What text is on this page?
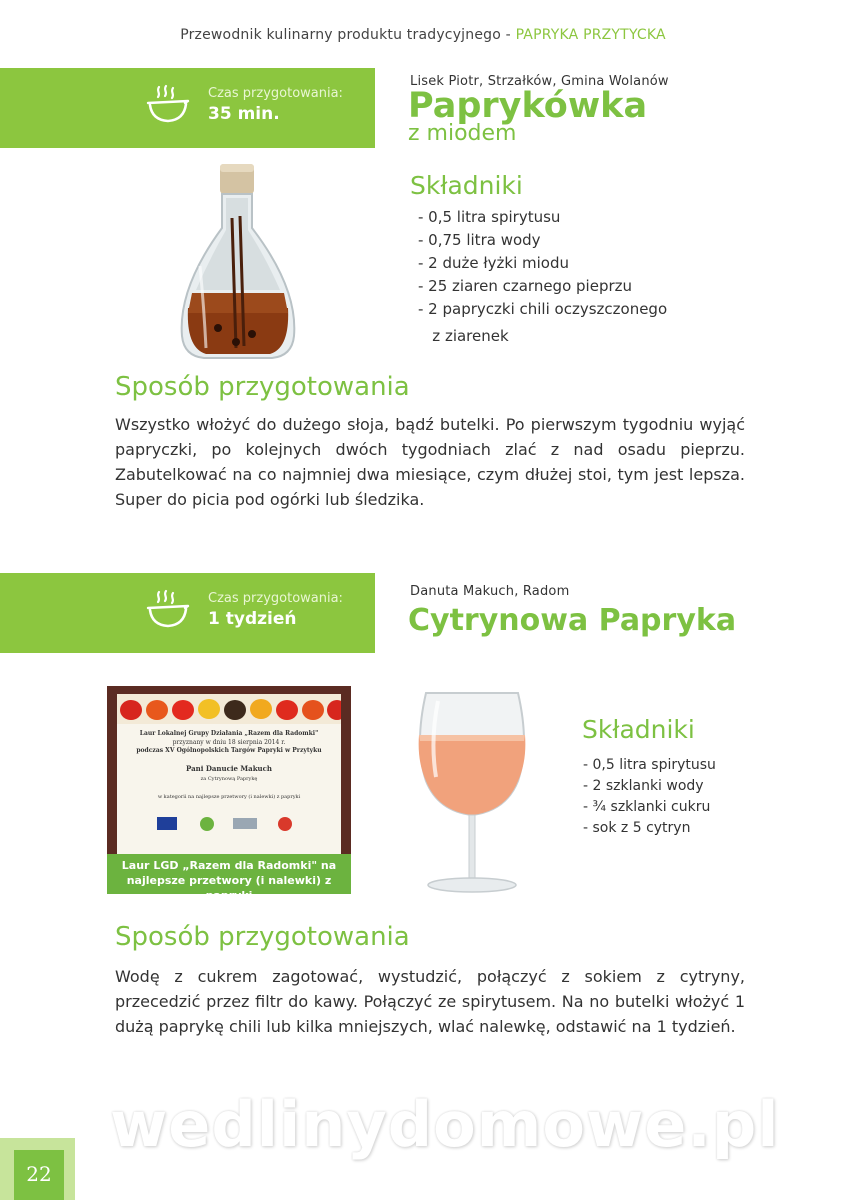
Przewodnik kulinarny produktu tradycyjnego - PAPRYKA PRZYTYCKA
Czas przygotowania:
35 min.
Lisek Piotr, Strzałków, Gmina Wolanów
Paprykówka
z miodem
Składniki
- 0,5 litra spirytusu
- 0,75 litra wody
- 2 duże łyżki miodu
- 25 ziaren czarnego pieprzu
- 2 papryczki chili oczyszczonego
z ziarenek
Sposób przygotowania
Wszystko włożyć do dużego słoja, bądź butelki. Po pierwszym tygodniu wyjąć papryczki, po kolejnych dwóch tygodniach zlać z nad osadu pieprzu. Zabutelkować na co najmniej dwa miesiące, czym dłużej stoi, tym jest lepsza. Super do picia pod ogórki lub śledzika.
Czas przygotowania:
1 tydzień
Danuta Makuch, Radom
Cytrynowa Papryka
Laur Lokalnej Grupy Działania „Razem dla Radomki"
przyznany w dniu 18 sierpnia 2014 r.
podczas XV Ogólnopolskich Targów Papryki w Przytyku
Pani Danucie Makuch
za Cytrynową Paprykę
w kategorii na najlepsze przetwory (i nalewki) z papryki
Laur LGD „Razem dla Radomki" na
najlepsze przetwory (i nalewki) z papryki
Składniki
- 0,5 litra spirytusu
- 2 szklanki wody
- ¾ szklanki cukru
- sok z 5 cytryn
Sposób przygotowania
Wodę z cukrem zagotować, wystudzić, połączyć z sokiem z cytryny, przecedzić przez filtr do kawy. Połączyć ze spirytusem. Na no butelki włożyć 1 dużą paprykę chili lub kilka mniejszych, wlać nalewkę, odstawić na 1 tydzień.
wedlinydomowe.pl
22
